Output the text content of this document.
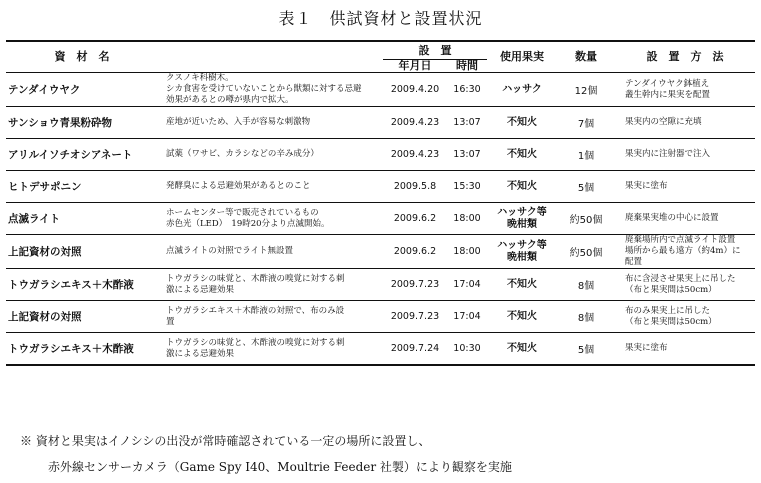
表１　供試資材と設置状況
資　材　名		設　置		使用果実	数量	設　置　方　法
		年月日	時間			
テンダイウヤク	クスノキ科樹木。
シカ食害を受けていないことから獣類に対する忌避
効果があるとの噂が県内で拡大。	2009.4.20	16:30	ハッサク	12個	テンダイウヤク鉢植え
叢生幹内に果実を配置

サンショウ青果粉砕物	産地が近いため、入手が容易な刺激物	2009.4.23	13:07	不知火	7個	果実内の空隙に充填

アリルイソチオシアネート	試薬（ワサビ、カラシなどの辛み成分）	2009.4.23	13:07	不知火	1個	果実内に注射器で注入

ヒトデサポニン	発酵臭による忌避効果があるとのこと	2009.5.8	15:30	不知火	5個	果実に塗布

点滅ライト	ホームセンター等で販売されているもの
赤色光（LED）　19時20分より点滅開始。	2009.6.2	18:00	ハッサク等
晩柑類	約50個	廃棄果実堆の中心に設置

上記資材の対照	点滅ライトの対照でライト無設置	2009.6.2	18:00	ハッサク等
晩柑類	約50個	廃棄場所内で点滅ライト設置
場所から最も遠方（約4m）に
配置

トウガラシエキス＋木酢液	トウガラシの味覚と、木酢液の嗅覚に対する刺
激による忌避効果	2009.7.23	17:04	不知火	8個	布に含浸させ果実上に吊した
（布と果実間は50cm）

上記資材の対照	トウガラシエキス＋木酢液の対照で、布のみ設
置	2009.7.23	17:04	不知火	8個	布のみ果実上に吊した
（布と果実間は50cm）

トウガラシエキス＋木酢液	トウガラシの味覚と、木酢液の嗅覚に対する刺
激による忌避効果	2009.7.24	10:30	不知火	5個	果実に塗布
※ 資材と果実はイノシシの出没が常時確認されている一定の場所に設置し、
赤外線センサーカメラ（Game Spy I40、Moultrie Feeder 社製）により観察を実施
